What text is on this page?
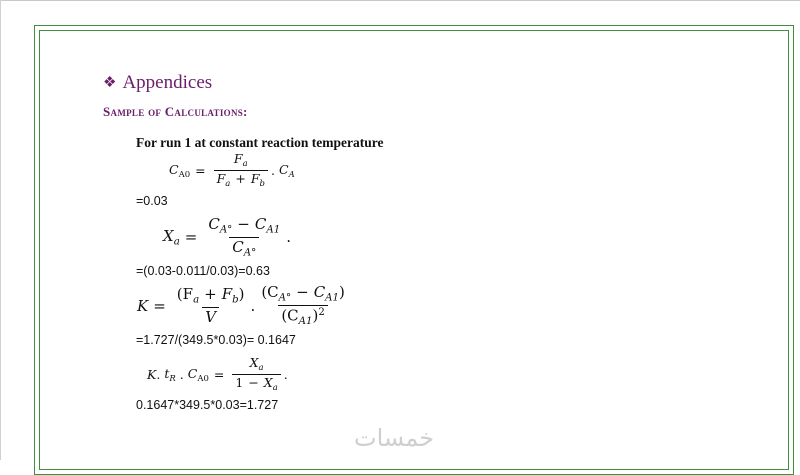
❖ Appendices
Sample of Calculations:
For run 1 at constant reaction temperature
$C_{A0} = \frac{F_a}{F_a + F_b}$ . $C_A$
=0.03
$X_a = \frac{C_{A^\circ} - C_{A1}}{C_{A^\circ}}$ .
=(0.03-0.011/0.03)=0.63
$K = \frac{(F_a + F_b)}{V}$ . $\frac{(C_{A^\circ} - C_{A1})}{(C_{A1})^2}$
=1.727/(349.5*0.03)= 0.1647
K . $t_R$ . $C_{A0} = \frac{X_a}{1 - X_a}$ .
0.1647*349.5*0.03=1.727
خمسات
